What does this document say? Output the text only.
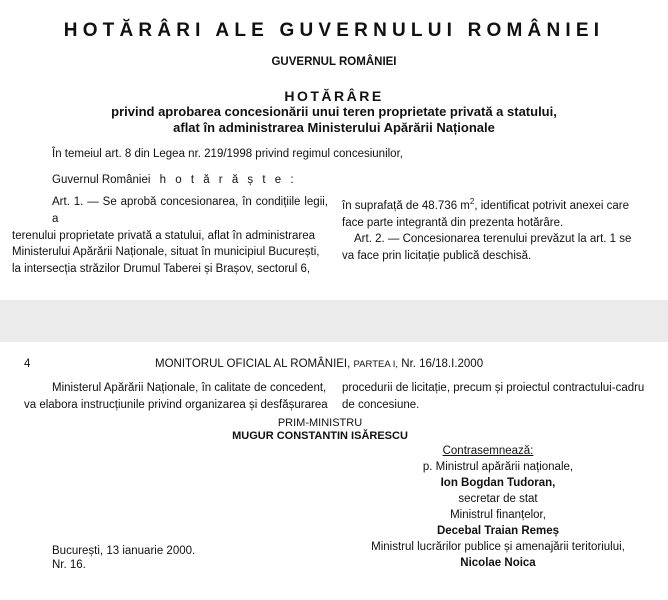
HOTĂRÂRI ALE GUVERNULUI ROMÂNIEI
GUVERNUL ROMÂNIEI
HOTĂRÂRE
privind aprobarea concesionării unui teren proprietate privată a statului,
aflat în administrarea Ministerului Apărării Naționale
În temeiul art. 8 din Legea nr. 219/1998 privind regimul concesiunilor,
Guvernul României h o t ă r ă ș t e :
Art. 1. — Se aprobă concesionarea, în condițiile legii, a
terenului proprietate privată a statului, aflat în administrarea
Ministerului Apărării Naționale, situat în municipiul București,
la intersecția străzilor Drumul Taberei și Brașov, sectorul 6,
în suprafață de 48.736 $m^2$, identificat potrivit anexei care
face parte integrantă din prezenta hotărâre.
Art. 2. — Concesionarea terenului prevăzut la art. 1 se
va face prin licitație publică deschisă.
4	MONITORUL OFICIAL AL ROMÂNIEI, PARTEA I, Nr. 16/18.I.2000
Ministerul Apărării Naționale, în calitate de concedent,
va elabora instrucțiunile privind organizarea și desfășurarea
procedurii de licitație, precum și proiectul contractului-cadru
de concesiune.
PRIM-MINISTRU
MUGUR CONSTANTIN ISĂRESCU
Contrasemnează:
p. Ministrul apărării naționale,
Ion Bogdan Tudoran,
secretar de stat
Ministrul finanțelor,
Decebal Traian Remeș
Ministrul lucrărilor publice și amenajării teritoriului,
Nicolae Noica
București, 13 ianuarie 2000.
Nr. 16.
